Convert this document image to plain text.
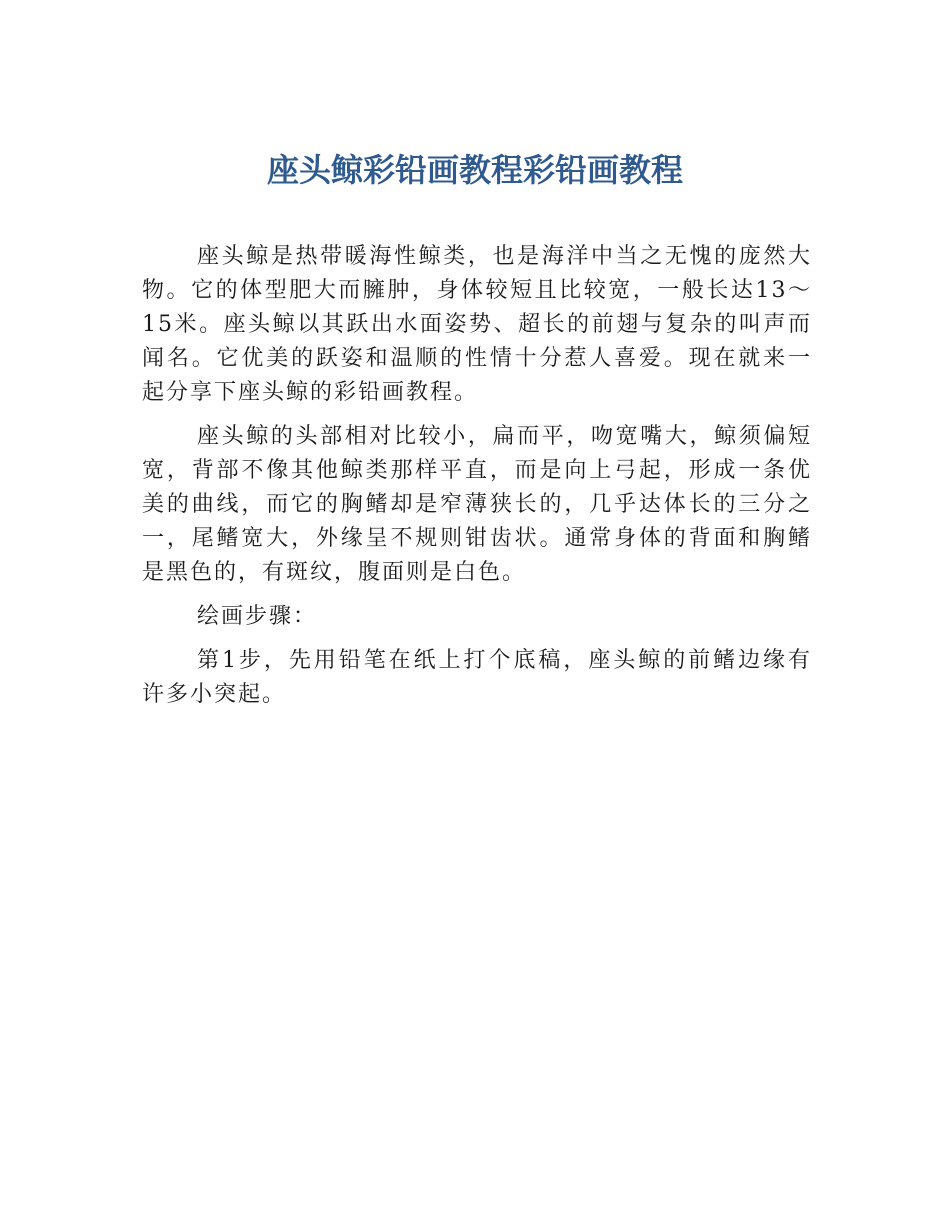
座头鲸彩铅画教程彩铅画教程

座头鲸是热带暖海性鲸类，也是海洋中当之无愧的庞然大物。它的体型肥大而臃肿，身体较短且比较宽，一般长达13～15米。座头鲸以其跃出水面姿势、超长的前翅与复杂的叫声而闻名。它优美的跃姿和温顺的性情十分惹人喜爱。现在就来一起分享下座头鲸的彩铅画教程。

座头鲸的头部相对比较小，扁而平，吻宽嘴大，鲸须偏短宽，背部不像其他鲸类那样平直，而是向上弓起，形成一条优美的曲线，而它的胸鳍却是窄薄狭长的，几乎达体长的三分之一，尾鳍宽大，外缘呈不规则钳齿状。通常身体的背面和胸鳍是黑色的，有斑纹，腹面则是白色。

绘画步骤：

第1步，先用铅笔在纸上打个底稿，座头鲸的前鳍边缘有许多小突起。
